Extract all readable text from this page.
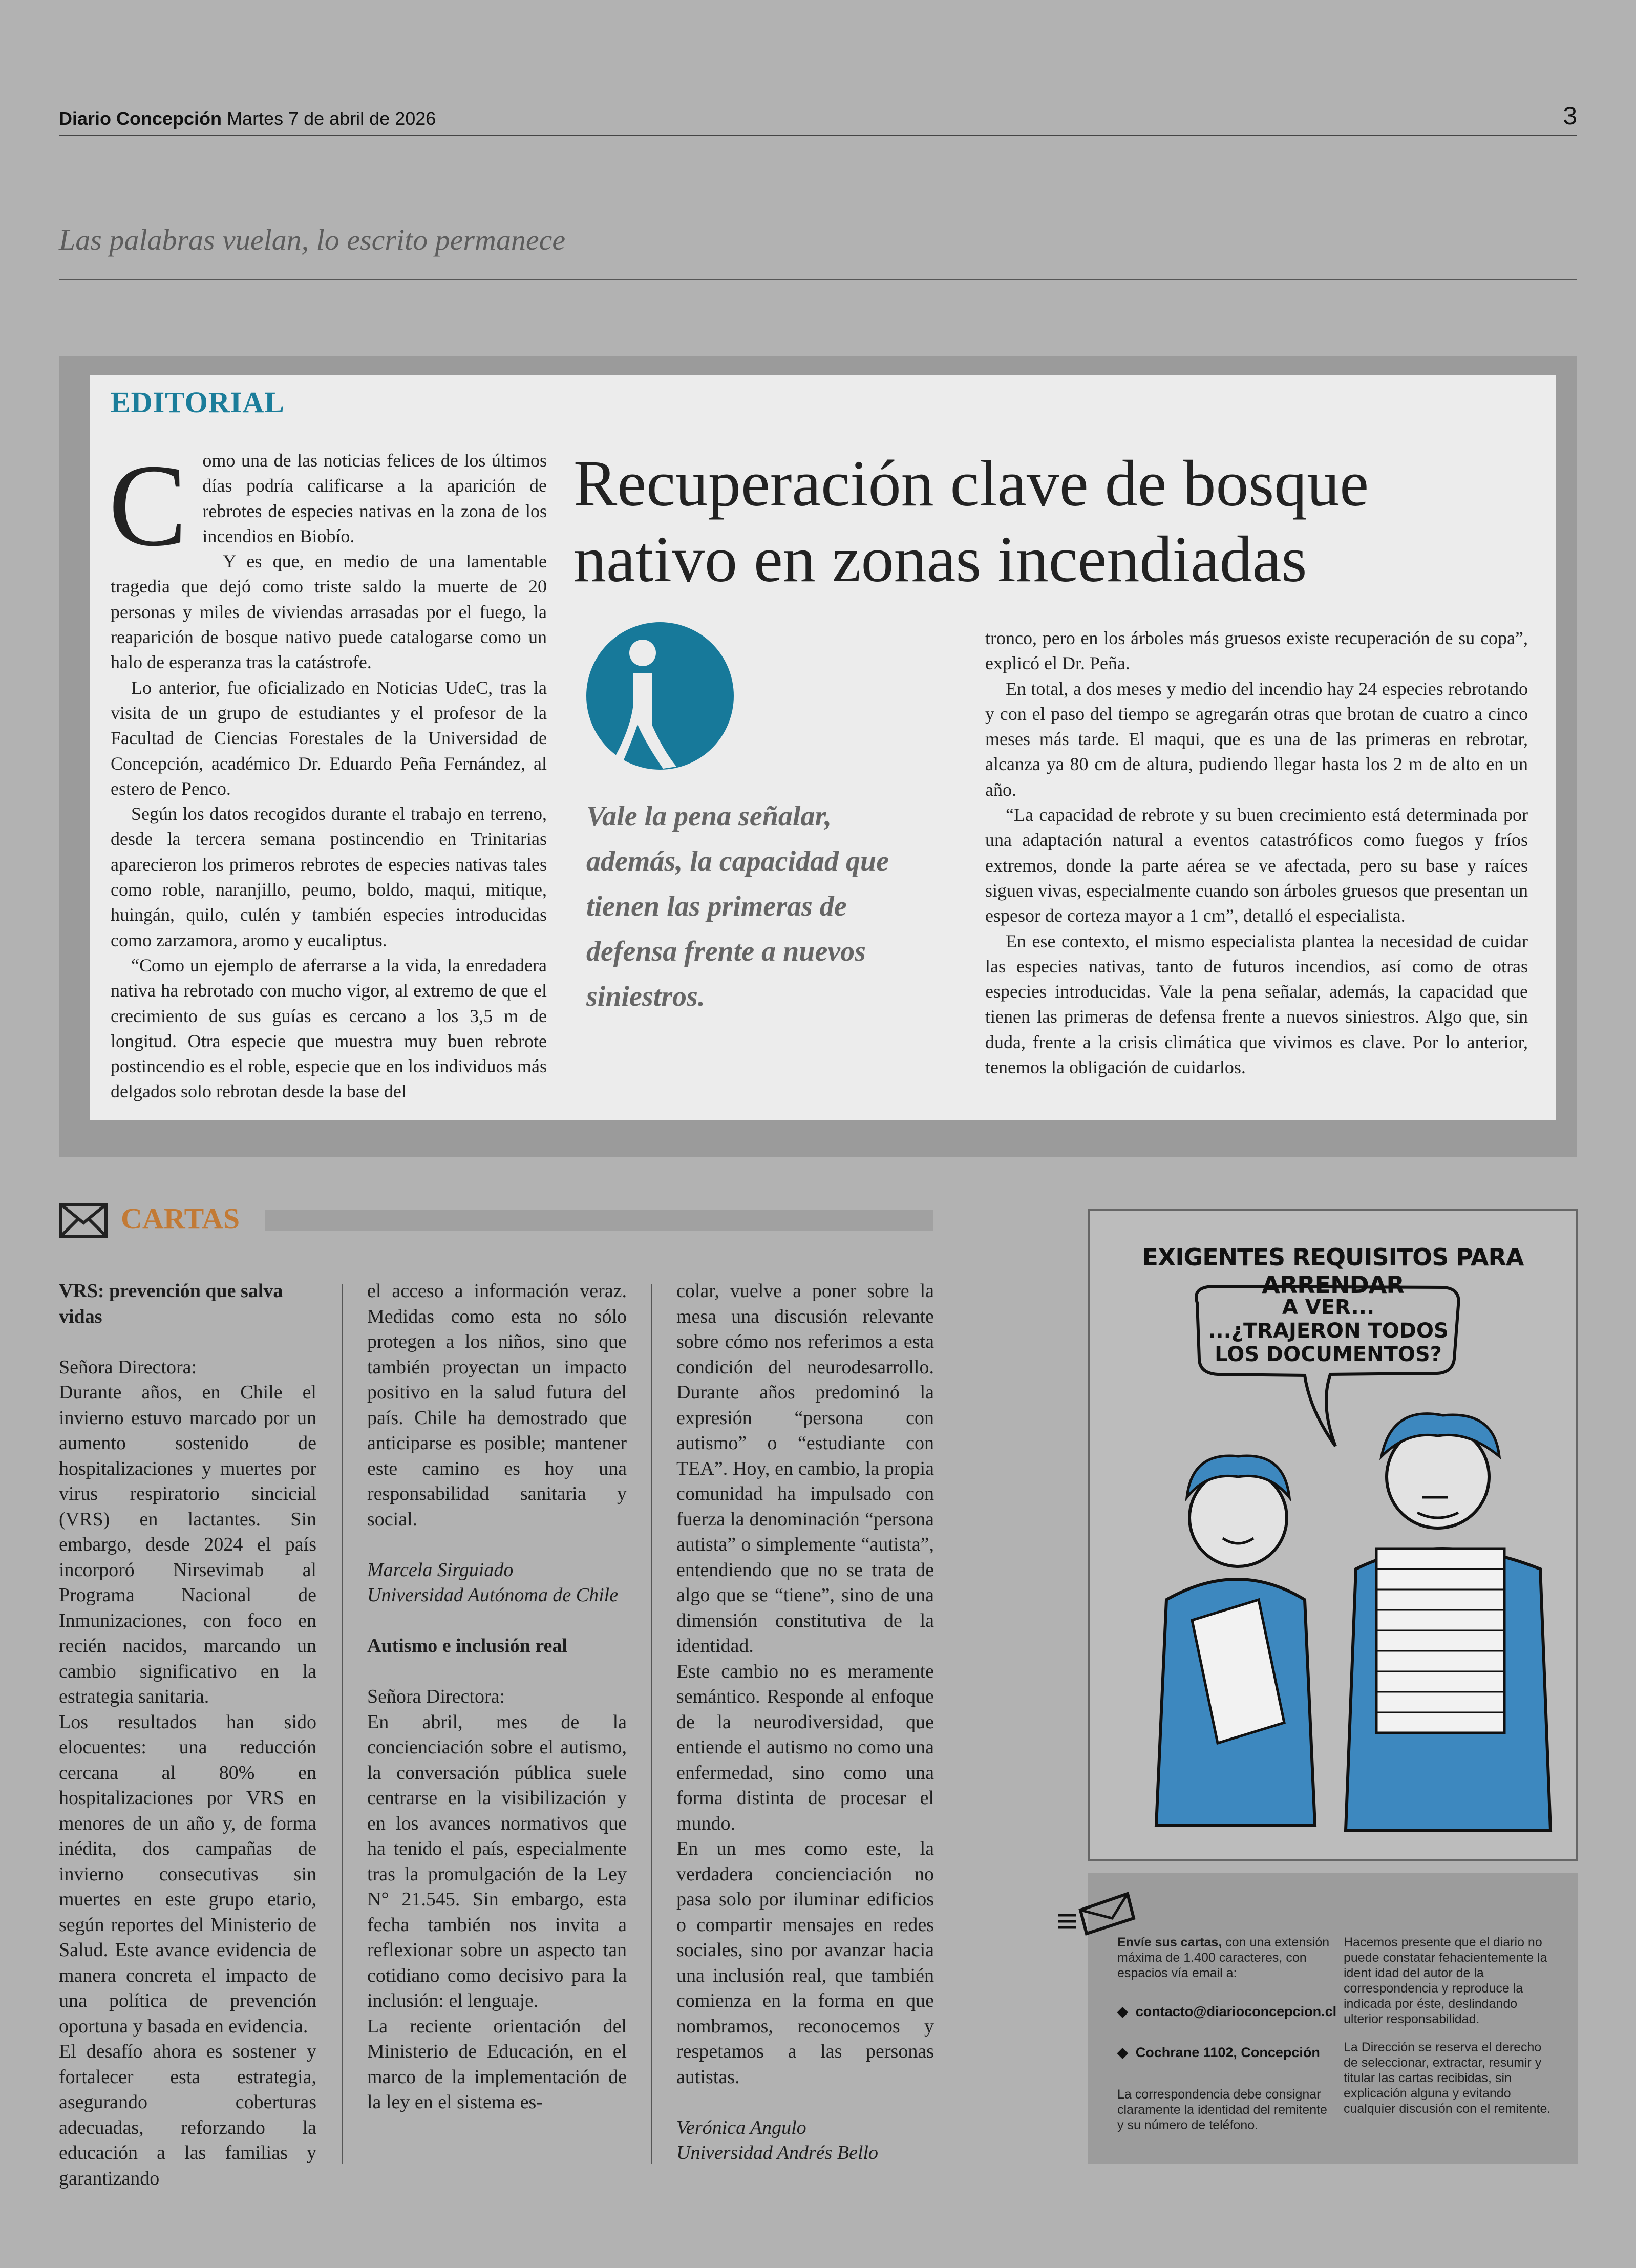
Diario Concepción Martes 7 de abril de 2026	3
Las palabras vuelan, lo escrito permanece
EDITORIAL
C omo una de las noticias felices de los últimos días podría calificarse a la aparición de rebrotes de especies nativas en la zona de los incendios en Biobío.

Y es que, en medio de una lamentable tragedia que dejó como triste saldo la muerte de 20 personas y miles de viviendas arrasadas por el fuego, la reaparición de bosque nativo puede catalogarse como un halo de esperanza tras la catástrofe.

Lo anterior, fue oficializado en Noticias UdeC, tras la visita de un grupo de estudiantes y el profesor de la Facultad de Ciencias Forestales de la Universidad de Concepción, académico Dr. Eduardo Peña Fernández, al estero de Penco.

Según los datos recogidos durante el trabajo en terreno, desde la tercera semana postincendio en Trinitarias aparecieron los primeros rebrotes de especies nativas tales como roble, naranjillo, peumo, boldo, maqui, mitique, huingán, quilo, culén y también especies introducidas como zarzamora, aromo y eucaliptus.

“Como un ejemplo de aferrarse a la vida, la enredadera nativa ha rebrotado con mucho vigor, al extremo de que el crecimiento de sus guías es cercano a los 3,5 m de longitud. Otra especie que muestra muy buen rebrote postincendio es el roble, especie que en los individuos más delgados solo rebrotan desde la base del

Recuperación clave de bosque nativo en zonas incendiadas
Vale la pena señalar, además, la capacidad que tienen las primeras de defensa frente a nuevos siniestros.

tronco, pero en los árboles más gruesos existe recuperación de su copa”, explicó el Dr. Peña.

En total, a dos meses y medio del incendio hay 24 especies rebrotando y con el paso del tiempo se agregarán otras que brotan de cuatro a cinco meses más tarde. El maqui, que es una de las primeras en rebrotar, alcanza ya 80 cm de altura, pudiendo llegar hasta los 2 m de alto en un año.

“La capacidad de rebrote y su buen crecimiento está determinada por una adaptación natural a eventos catastróficos como fuegos y fríos extremos, donde la parte aérea se ve afectada, pero su base y raíces siguen vivas, especialmente cuando son árboles gruesos que presentan un espesor de corteza mayor a 1 cm”, detalló el especialista.

En ese contexto, el mismo especialista plantea la necesidad de cuidar las especies nativas, tanto de futuros incendios, así como de otras especies introducidas. Vale la pena señalar, además, la capacidad que tienen las primeras de defensa frente a nuevos siniestros. Algo que, sin duda, frente a la crisis climática que vivimos es clave. Por lo anterior, tenemos la obligación de cuidarlos.

CARTAS
VRS: prevención que salva vidas
Señora Directora:
Durante años, en Chile el invierno estuvo marcado por un aumento sostenido de hospitalizaciones y muertes por virus respiratorio sincicial (VRS) en lactantes. Sin embargo, desde 2024 el país incorporó Nirsevimab al Programa Nacional de Inmunizaciones, con foco en recién nacidos, marcando un cambio significativo en la estrategia sanitaria.
Los resultados han sido elocuentes: una reducción cercana al 80% en hospitalizaciones por VRS en menores de un año y, de forma inédita, dos campañas de invierno consecutivas sin muertes en este grupo etario, según reportes del Ministerio de Salud. Este avance evidencia de manera concreta el impacto de una política de prevención oportuna y basada en evidencia.
El desafío ahora es sostener y fortalecer esta estrategia, asegurando coberturas adecuadas, reforzando la educación a las familias y garantizando
el acceso a información veraz. Medidas como esta no sólo protegen a los niños, sino que también proyectan un impacto positivo en la salud futura del país. Chile ha demostrado que anticiparse es posible; mantener este camino es hoy una responsabilidad sanitaria y social.
Marcela Sirguiado
Universidad Autónoma de Chile
Autismo e inclusión real
Señora Directora:
En abril, mes de la concienciación sobre el autismo, la conversación pública suele centrarse en la visibilización y en los avances normativos que ha tenido el país, especialmente tras la promulgación de la Ley N° 21.545. Sin embargo, esta fecha también nos invita a reflexionar sobre un aspecto tan cotidiano como decisivo para la inclusión: el lenguaje.
La reciente orientación del Ministerio de Educación, en el marco de la implementación de la ley en el sistema es-
colar, vuelve a poner sobre la mesa una discusión relevante sobre cómo nos referimos a esta condición del neurodesarrollo. Durante años predominó la expresión “persona con autismo” o “estudiante con TEA”. Hoy, en cambio, la propia comunidad ha impulsado con fuerza la denominación “persona autista” o simplemente “autista”, entendiendo que no se trata de algo que se “tiene”, sino de una dimensión constitutiva de la identidad.
Este cambio no es meramente semántico. Responde al enfoque de la neurodiversidad, que entiende el autismo no como una enfermedad, sino como una forma distinta de procesar el mundo.
En un mes como este, la verdadera concienciación no pasa solo por iluminar edificios o compartir mensajes en redes sociales, sino por avanzar hacia una inclusión real, que también comienza en la forma en que nombramos, reconocemos y respetamos a las personas autistas.
Verónica Angulo
Universidad Andrés Bello
EXIGENTES REQUISITOS PARA ARRENDAR
A VER...
...¿TRAJERON TODOS
LOS DOCUMENTOS?
Envíe sus cartas, con una extensión máxima de 1.400 caracteres, con espacios vía email a:
◆ contacto@diarioconcepcion.cl
◆ Cochrane 1102, Concepción
La correspondencia debe consignar claramente la identidad del remitente y su número de teléfono.
Hacemos presente que el diario no puede constatar fehacientemente la ident idad del autor de la correspondencia y reproduce la indicada por éste, deslindando ulterior responsabilidad.
La Dirección se reserva el derecho de seleccionar, extractar, resumir y titular las cartas recibidas, sin explicación alguna y evitando cualquier discusión con el remitente.
